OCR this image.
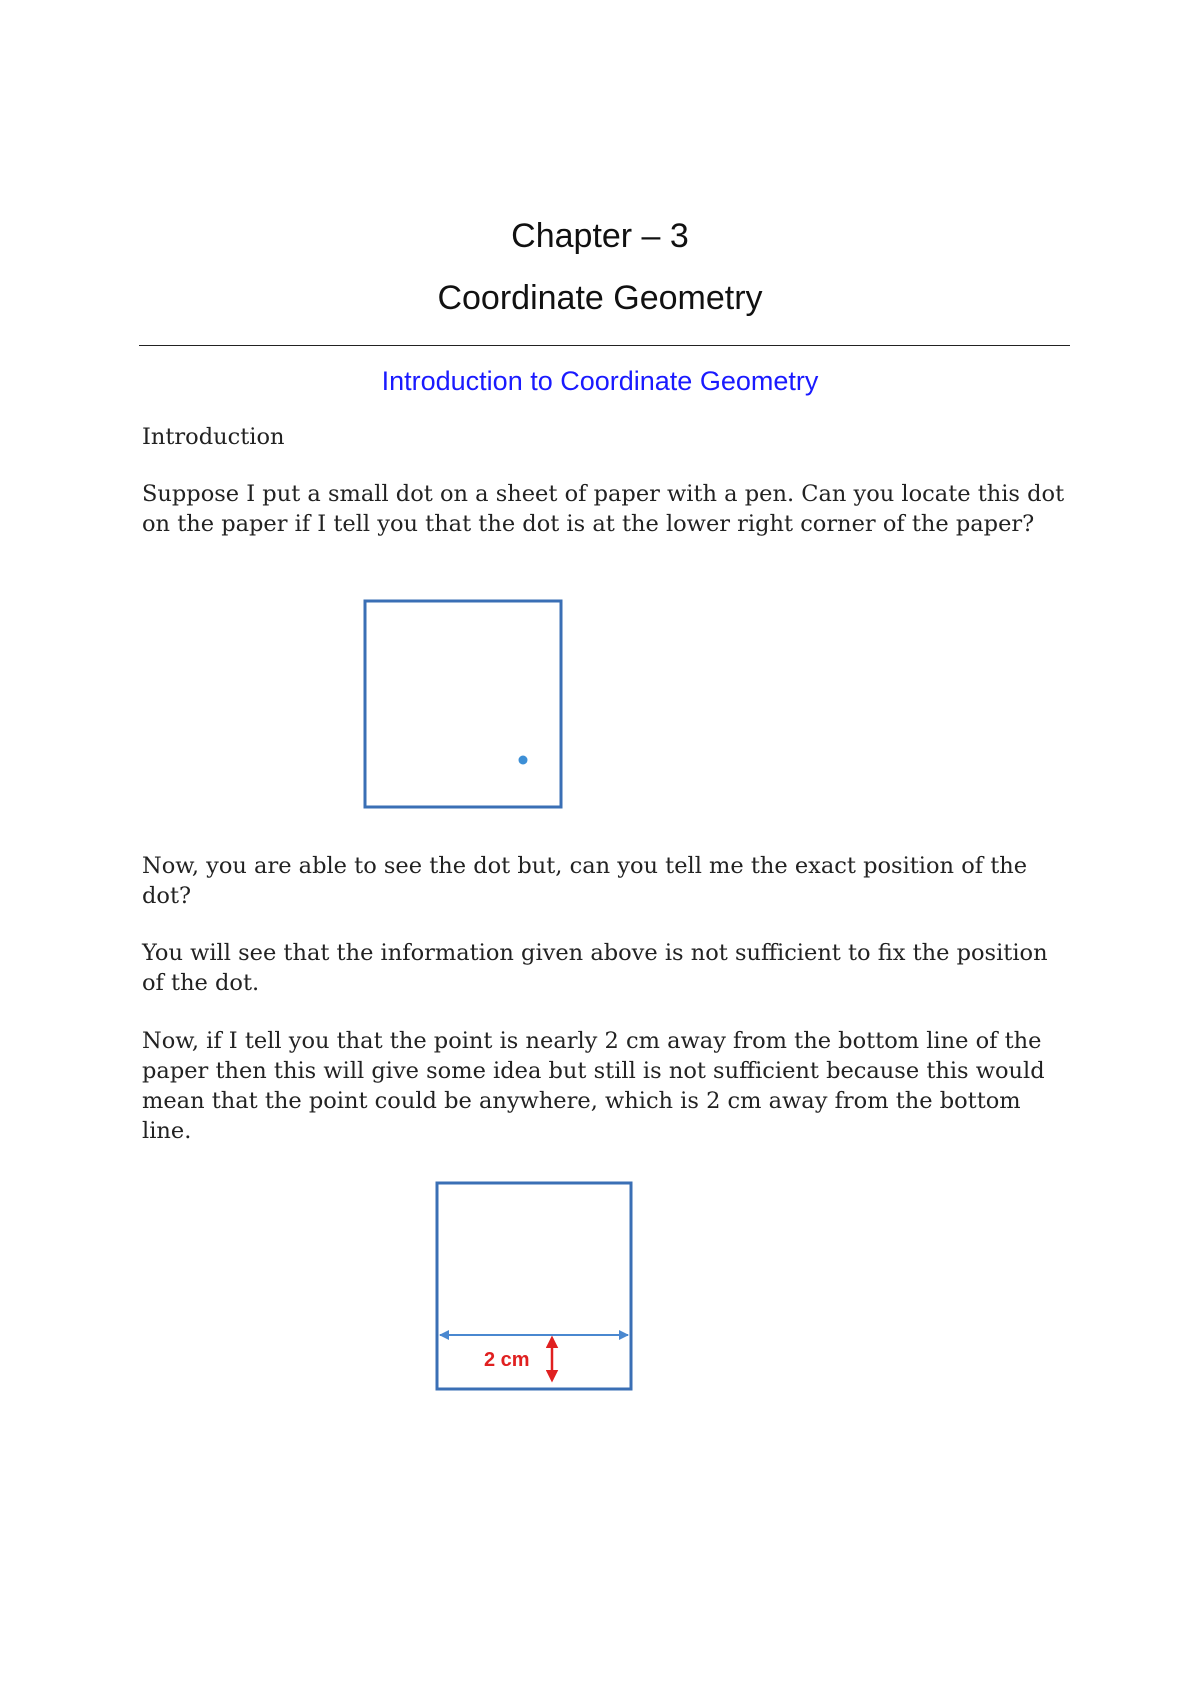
Chapter – 3
Coordinate Geometry
Introduction to Coordinate Geometry

Introduction

Suppose I put a small dot on a sheet of paper with a pen. Can you locate this dot on the paper if I tell you that the dot is at the lower right corner of the paper?

Now, you are able to see the dot but, can you tell me the exact position of the dot?

You will see that the information given above is not sufficient to fix the position of the dot.

Now, if I tell you that the point is nearly 2 cm away from the bottom line of the paper then this will give some idea but still is not sufficient because this would mean that the point could be anywhere, which is 2 cm away from the bottom line.

2 cm
